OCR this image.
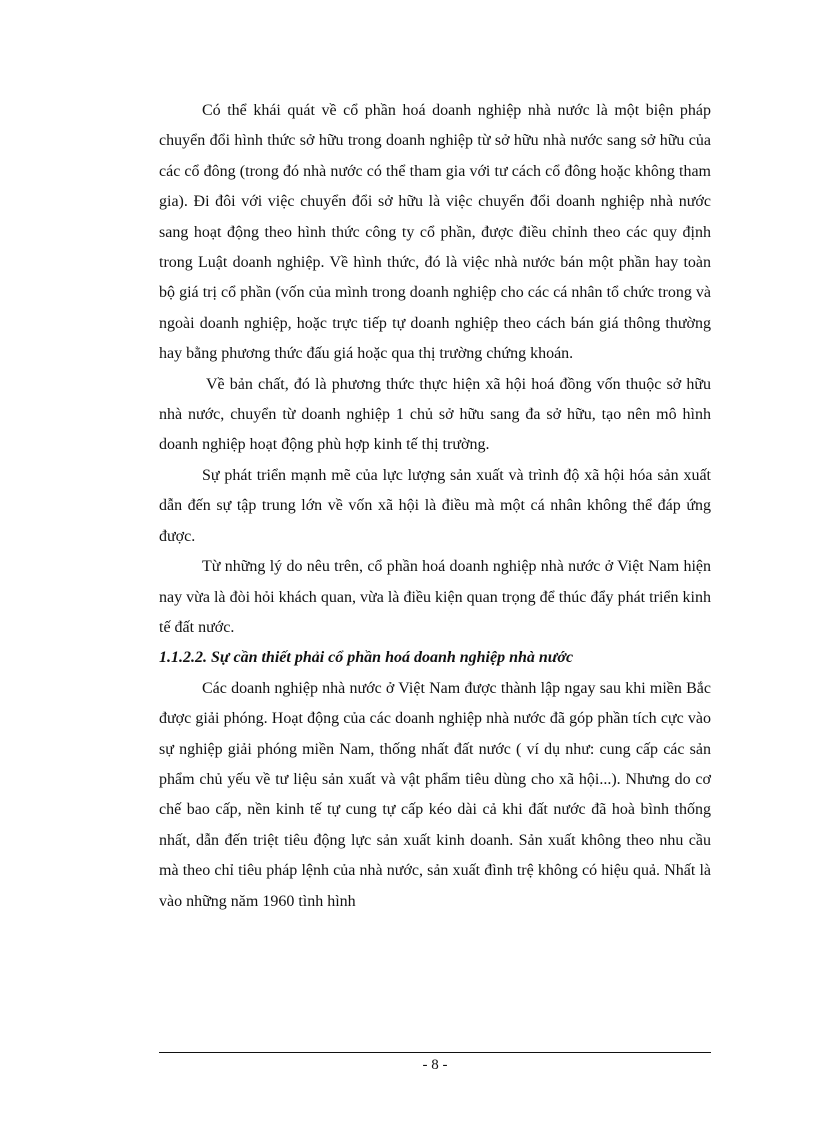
Có thể khái quát về cổ phần hoá doanh nghiệp nhà nước là một biện pháp chuyển đổi hình thức sở hữu trong doanh nghiệp từ sở hữu nhà nước sang sở hữu của các cổ đông (trong đó nhà nước có thể tham gia với tư cách cổ đông hoặc không tham gia). Đi đôi với việc chuyển đổi sở hữu là việc chuyển đổi doanh nghiệp nhà nước sang hoạt động theo hình thức công ty cổ phần, được điều chỉnh theo các quy định trong Luật doanh nghiệp. Về hình thức, đó là việc nhà nước bán một phần hay toàn bộ giá trị cổ phần (vốn của mình trong doanh nghiệp cho các cá nhân tổ chức trong và ngoài doanh nghiệp, hoặc trực tiếp tự doanh nghiệp theo cách bán giá thông thường hay bằng phương thức đấu giá hoặc qua thị trường chứng khoán.

Về bản chất, đó là phương thức thực hiện xã hội hoá đồng vốn thuộc sở hữu nhà nước, chuyển từ doanh nghiệp 1 chủ sở hữu sang đa sở hữu, tạo nên mô hình doanh nghiệp hoạt động phù hợp kinh tế thị trường.

Sự phát triển mạnh mẽ của lực lượng sản xuất và trình độ xã hội hóa sản xuất dẫn đến sự tập trung lớn về vốn xã hội là điều mà một cá nhân không thể đáp ứng được.

Từ những lý do nêu trên, cổ phần hoá doanh nghiệp nhà nước ở Việt Nam hiện nay vừa là đòi hỏi khách quan, vừa là điều kiện quan trọng để thúc đẩy phát triển kinh tế đất nước.

1.1.2.2. Sự cần thiết phải cổ phần hoá doanh nghiệp nhà nước

Các doanh nghiệp nhà nước ở Việt Nam được thành lập ngay sau khi miền Bắc được giải phóng. Hoạt động của các doanh nghiệp nhà nước đã góp phần tích cực vào sự nghiệp giải phóng miền Nam, thống nhất đất nước ( ví dụ như: cung cấp các sản phẩm chủ yếu về tư liệu sản xuất và vật phẩm tiêu dùng cho xã hội...). Nhưng do cơ chế bao cấp, nền kinh tế tự cung tự cấp kéo dài cả khi đất nước đã hoà bình thống nhất, dẫn đến triệt tiêu động lực sản xuất kinh doanh. Sản xuất không theo nhu cầu mà theo chỉ tiêu pháp lệnh của nhà nước, sản xuất đình trệ không có hiệu quả. Nhất là vào những năm 1960 tình hình

- 8 -
